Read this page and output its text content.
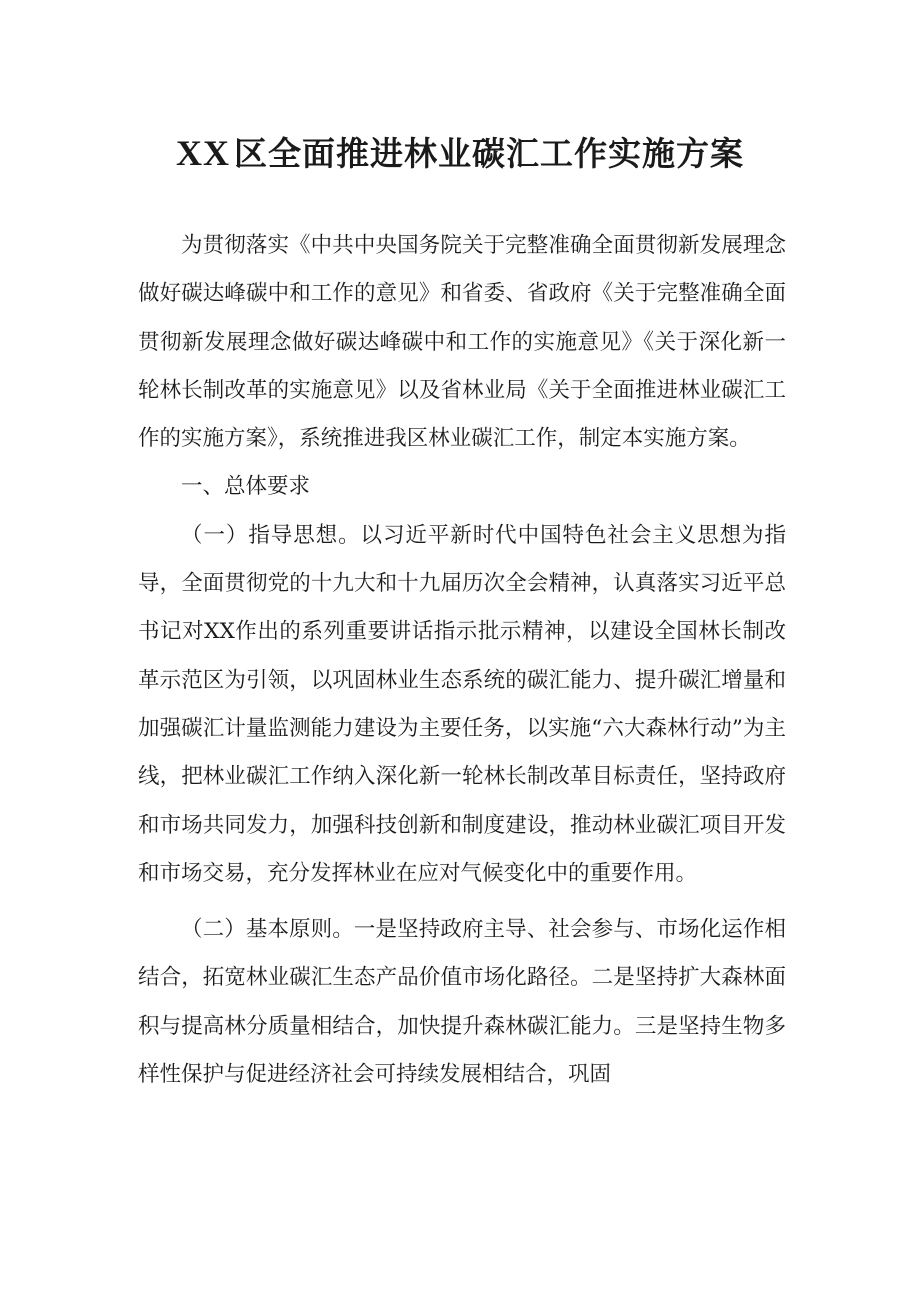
XX 区全面推进林业碳汇工作实施方案

为贯彻落实《中共中央国务院关于完整准确全面贯彻新发展理念做好碳达峰碳中和工作的意见》和省委、省政府《关于完整准确全面贯彻新发展理念做好碳达峰碳中和工作的实施意见》《关于深化新一轮林长制改革的实施意见》以及省林业局《关于全面推进林业碳汇工作的实施方案》，系统推进我区林业碳汇工作，制定本实施方案。

一、总体要求

（一）指导思想。以习近平新时代中国特色社会主义思想为指导，全面贯彻党的十九大和十九届历次全会精神，认真落实习近平总书记对XX作出的系列重要讲话指示批示精神，以建设全国林长制改革示范区为引领，以巩固林业生态系统的碳汇能力、提升碳汇增量和加强碳汇计量监测能力建设为主要任务，以实施“六大森林行动”为主线，把林业碳汇工作纳入深化新一轮林长制改革目标责任，坚持政府和市场共同发力，加强科技创新和制度建设，推动林业碳汇项目开发和市场交易，充分发挥林业在应对气候变化中的重要作用。

（二）基本原则。一是坚持政府主导、社会参与、市场化运作相结合，拓宽林业碳汇生态产品价值市场化路径。二是坚持扩大森林面积与提高林分质量相结合，加快提升森林碳汇能力。三是坚持生物多样性保护与促进经济社会可持续发展相结合，巩固
